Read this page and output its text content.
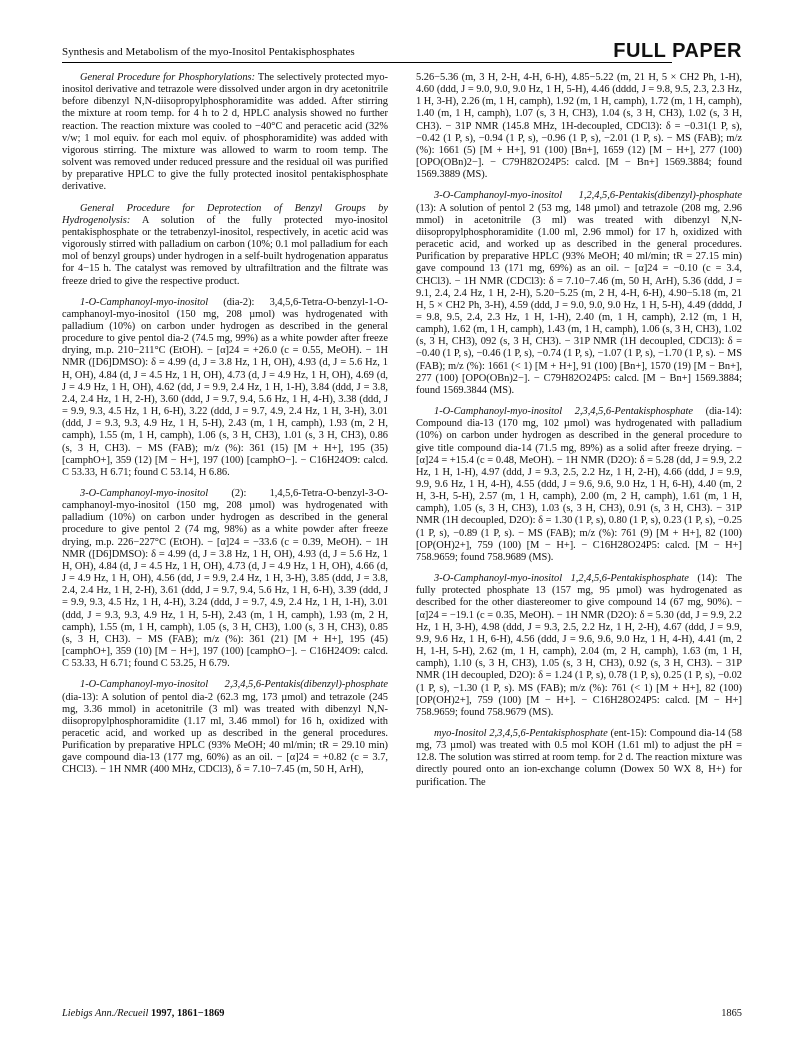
Synthesis and Metabolism of the myo-Inositol Pentakisphosphates	FULL PAPER

General Procedure for Phosphorylations: The selectively protected myo-inositol derivative and tetrazole were dissolved under argon in dry acetonitrile before dibenzyl N,N-diisopropylphosphoramidite was added. After stirring the mixture at room temp. for 4 h to 2 d, HPLC analysis showed no further reaction. The reaction mixture was cooled to −40°C and peracetic acid (32% v/w; 1 mol equiv. for each mol equiv. of phosphoramidite) was added with vigorous stirring. The mixture was allowed to warm to room temp. The solvent was removed under reduced pressure and the residual oil was purified by preparative HPLC to give the fully protected inositol pentakisphosphate derivative.

General Procedure for Deprotection of Benzyl Groups by Hydrogenolysis: A solution of the fully protected myo-inositol pentakisphosphate or the tetrabenzyl-inositol, respectively, in acetic acid was vigorously stirred with palladium on carbon (10%; 0.1 mol palladium for each mol of benzyl groups) under hydrogen in a self-built hydrogenation apparatus for 4−15 h. The catalyst was removed by ultrafiltration and the filtrate was freeze dried to give the respective product.

1-O-Camphanoyl-myo-inositol (dia-2): 3,4,5,6-Tetra-O-benzyl-1-O-camphanoyl-myo-inositol (150 mg, 208 µmol) was hydrogenated with palladium (10%) on carbon under hydrogen as described in the general procedure to give pentol dia-2 (74.5 mg, 99%) as a white powder after freeze drying, m.p. 210−211°C (EtOH). − [α]24 = +26.0 (c = 0.55, MeOH). − 1H NMR ([D6]DMSO): δ = 4.99 (d, J = 3.8 Hz, 1 H, OH), 4.93 (d, J = 5.6 Hz, 1 H, OH), 4.84 (d, J = 4.5 Hz, 1 H, OH), 4.73 (d, J = 4.9 Hz, 1 H, OH), 4.69 (d, J = 4.9 Hz, 1 H, OH), 4.62 (dd, J = 9.9, 2.4 Hz, 1 H, 1-H), 3.84 (ddd, J = 3.8, 2.4, 2.4 Hz, 1 H, 2-H), 3.60 (ddd, J = 9.7, 9.4, 5.6 Hz, 1 H, 4-H), 3.38 (ddd, J = 9.9, 9.3, 4.5 Hz, 1 H, 6-H), 3.22 (ddd, J = 9.7, 4.9, 2.4 Hz, 1 H, 3-H), 3.01 (ddd, J = 9.3, 9.3, 4.9 Hz, 1 H, 5-H), 2.43 (m, 1 H, camph), 1.93 (m, 2 H, camph), 1.55 (m, 1 H, camph), 1.06 (s, 3 H, CH3), 1.01 (s, 3 H, CH3), 0.86 (s, 3 H, CH3). − MS (FAB); m/z (%): 361 (15) [M + H+], 195 (35) [camphO+], 359 (12) [M − H+], 197 (100) [camphO−]. − C16H24O9: calcd. C 53.33, H 6.71; found C 53.14, H 6.86.

3-O-Camphanoyl-myo-inositol (2): 1,4,5,6-Tetra-O-benzyl-3-O-camphanoyl-myo-inositol (150 mg, 208 µmol) was hydrogenated with palladium (10%) on carbon under hydrogen as described in the general procedure to give pentol 2 (74 mg, 98%) as a white powder after freeze drying, m.p. 226−227°C (EtOH). − [α]24 = −33.6 (c = 0.39, MeOH). − 1H NMR ([D6]DMSO): δ = 4.99 (d, J = 3.8 Hz, 1 H, OH), 4.93 (d, J = 5.6 Hz, 1 H, OH), 4.84 (d, J = 4.5 Hz, 1 H, OH), 4.73 (d, J = 4.9 Hz, 1 H, OH), 4.66 (d, J = 4.9 Hz, 1 H, OH), 4.56 (dd, J = 9.9, 2.4 Hz, 1 H, 3-H), 3.85 (ddd, J = 3.8, 2.4, 2.4 Hz, 1 H, 2-H), 3.61 (ddd, J = 9.7, 9.4, 5.6 Hz, 1 H, 6-H), 3.39 (ddd, J = 9.9, 9.3, 4.5 Hz, 1 H, 4-H), 3.24 (ddd, J = 9.7, 4.9, 2.4 Hz, 1 H, 1-H), 3.01 (ddd, J = 9.3, 9.3, 4.9 Hz, 1 H, 5-H), 2.43 (m, 1 H, camph), 1.93 (m, 2 H, camph), 1.55 (m, 1 H, camph), 1.05 (s, 3 H, CH3), 1.00 (s, 3 H, CH3), 0.85 (s, 3 H, CH3). − MS (FAB); m/z (%): 361 (21) [M + H+], 195 (45) [camphO+], 359 (10) [M − H+], 197 (100) [camphO−]. − C16H24O9: calcd. C 53.33, H 6.71; found C 53.25, H 6.79.

1-O-Camphanoyl-myo-inositol 2,3,4,5,6-Pentakis(dibenzyl)-phosphate (dia-13): A solution of pentol dia-2 (62.3 mg, 173 µmol) and tetrazole (245 mg, 3.36 mmol) in acetonitrile (3 ml) was treated with dibenzyl N,N-diisopropylphosphoramidite (1.17 ml, 3.46 mmol) for 16 h, oxidized with peracetic acid, and worked up as described in the general procedures. Purification by preparative HPLC (93% MeOH; 40 ml/min; tR = 29.10 min) gave compound dia-13 (177 mg, 60%) as an oil. − [α]24 = +0.82 (c = 3.7, CHCl3). − 1H NMR (400 MHz, CDCl3), δ = 7.10−7.45 (m, 50 H, ArH),

5.26−5.36 (m, 3 H, 2-H, 4-H, 6-H), 4.85−5.22 (m, 21 H, 5 × CH2 Ph, 1-H), 4.60 (ddd, J = 9.0, 9.0, 9.0 Hz, 1 H, 5-H), 4.46 (dddd, J = 9.8, 9.5, 2.3, 2.3 Hz, 1 H, 3-H), 2.26 (m, 1 H, camph), 1.92 (m, 1 H, camph), 1.72 (m, 1 H, camph), 1.40 (m, 1 H, camph), 1.07 (s, 3 H, CH3), 1.04 (s, 3 H, CH3), 1.02 (s, 3 H, CH3). − 31P NMR (145.8 MHz, 1H-decoupled, CDCl3): δ = −0.31(1 P, s), −0.42 (1 P, s), −0.94 (1 P, s), −0.96 (1 P, s), −2.01 (1 P, s). − MS (FAB); m/z (%): 1661 (5) [M + H+], 91 (100) [Bn+], 1659 (12) [M − H+], 277 (100) [OPO(OBn)2−]. − C79H82O24P5: calcd. [M − Bn+] 1569.3884; found 1569.3889 (MS).

3-O-Camphanoyl-myo-inositol 1,2,4,5,6-Pentakis(dibenzyl)-phosphate (13): A solution of pentol 2 (53 mg, 148 µmol) and tetrazole (208 mg, 2.96 mmol) in acetonitrile (3 ml) was treated with dibenzyl N,N-diisopropylphosphoramidite (1.00 ml, 2.96 mmol) for 17 h, oxidized with peracetic acid, and worked up as described in the general procedures. Purification by preparative HPLC (93% MeOH; 40 ml/min; tR = 27.15 min) gave compound 13 (171 mg, 69%) as an oil. − [α]24 = −0.10 (c = 3.4, CHCl3). − 1H NMR (CDCl3): δ = 7.10−7.46 (m, 50 H, ArH), 5.36 (ddd, J = 9.1, 2.4, 2.4 Hz, 1 H, 2-H), 5.20−5.25 (m, 2 H, 4-H, 6-H), 4.90−5.18 (m, 21 H, 5 × CH2 Ph, 3-H), 4.59 (ddd, J = 9.0, 9.0, 9.0 Hz, 1 H, 5-H), 4.49 (dddd, J = 9.8, 9.5, 2.4, 2.3 Hz, 1 H, 1-H), 2.40 (m, 1 H, camph), 2.12 (m, 1 H, camph), 1.62 (m, 1 H, camph), 1.43 (m, 1 H, camph), 1.06 (s, 3 H, CH3), 1.02 (s, 3 H, CH3), 092 (s, 3 H, CH3). − 31P NMR (1H decoupled, CDCl3): δ = −0.40 (1 P, s), −0.46 (1 P, s), −0.74 (1 P, s), −1.07 (1 P, s), −1.70 (1 P, s). − MS (FAB); m/z (%): 1661 (< 1) [M + H+], 91 (100) [Bn+], 1570 (19) [M − Bn+], 277 (100) [OPO(OBn)2−]. − C79H82O24P5: calcd. [M − Bn+] 1569.3884; found 1569.3844 (MS).

1-O-Camphanoyl-myo-inositol 2,3,4,5,6-Pentakisphosphate (dia-14): Compound dia-13 (170 mg, 102 µmol) was hydrogenated with palladium (10%) on carbon under hydrogen as described in the general procedure to give title compound dia-14 (71.5 mg, 89%) as a solid after freeze drying. − [α]24 = +15.4 (c = 0.48, MeOH). − 1H NMR (D2O): δ = 5.28 (dd, J = 9.9, 2.2 Hz, 1 H, 1-H), 4.97 (ddd, J = 9.3, 2.5, 2.2 Hz, 1 H, 2-H), 4.66 (ddd, J = 9.9, 9.9, 9.6 Hz, 1 H, 4-H), 4.55 (ddd, J = 9.6, 9.6, 9.0 Hz, 1 H, 6-H), 4.40 (m, 2 H, 3-H, 5-H), 2.57 (m, 1 H, camph), 2.00 (m, 2 H, camph), 1.61 (m, 1 H, camph), 1.05 (s, 3 H, CH3), 1.03 (s, 3 H, CH3), 0.91 (s, 3 H, CH3). − 31P NMR (1H decoupled, D2O): δ = 1.30 (1 P, s), 0.80 (1 P, s), 0.23 (1 P, s), −0.25 (1 P, s), −0.89 (1 P, s). − MS (FAB); m/z (%): 761 (9) [M + H+], 82 (100) [OP(OH)2+], 759 (100) [M − H+]. − C16H28O24P5: calcd. [M − H+] 758.9659; found 758.9689 (MS).

3-O-Camphanoyl-myo-inositol 1,2,4,5,6-Pentakisphosphate (14): The fully protected phosphate 13 (157 mg, 95 µmol) was hydrogenated as described for the other diastereomer to give compound 14 (67 mg, 90%). − [α]24 = −19.1 (c = 0.35, MeOH). − 1H NMR (D2O): δ = 5.30 (dd, J = 9.9, 2.2 Hz, 1 H, 3-H), 4.98 (ddd, J = 9.3, 2.5, 2.2 Hz, 1 H, 2-H), 4.67 (ddd, J = 9.9, 9.9, 9.6 Hz, 1 H, 6-H), 4.56 (ddd, J = 9.6, 9.6, 9.0 Hz, 1 H, 4-H), 4.41 (m, 2 H, 1-H, 5-H), 2.62 (m, 1 H, camph), 2.04 (m, 2 H, camph), 1.63 (m, 1 H, camph), 1.10 (s, 3 H, CH3), 1.05 (s, 3 H, CH3), 0.92 (s, 3 H, CH3). − 31P NMR (1H decoupled, D2O): δ = 1.24 (1 P, s), 0.78 (1 P, s), 0.25 (1 P, s), −0.02 (1 P, s), −1.30 (1 P, s). MS (FAB); m/z (%): 761 (< 1) [M + H+], 82 (100) [OP(OH)2+], 759 (100) [M − H+]. − C16H28O24P5: calcd. [M − H+] 758.9659; found 758.9679 (MS).

myo-Inositol 2,3,4,5,6-Pentakisphosphate (ent-15): Compound dia-14 (58 mg, 73 µmol) was treated with 0.5 mol KOH (1.61 ml) to adjust the pH = 12.8. The solution was stirred at room temp. for 2 d. The reaction mixture was directly poured onto an ion-exchange column (Dowex 50 WX 8, H+) for purification. The

Liebigs Ann./Recueil 1997, 1861−1869	1865
